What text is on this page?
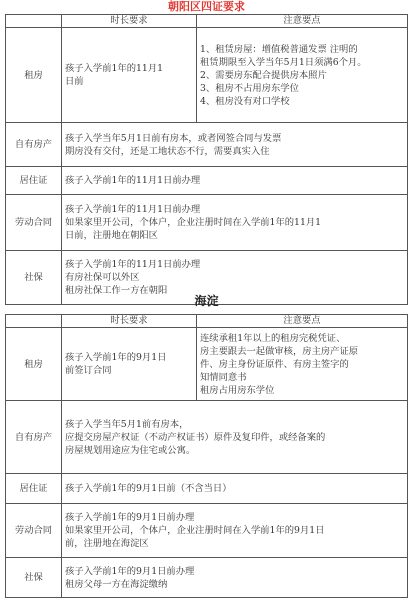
朝阳区四证要求
	时长要求	注意要点
租房	孩子入学前1年的11月1
日前	1、租赁房屋：增值税普通发票 注明的
租赁期限至入学当年5月1日须满6个月。
2、需要房东配合提供房本照片
3、租房不占用房东学位
4、租房没有对口学校

自有房产	孩子入学当年5月1日前有房本，或者网签合同与发票
期房没有交付，还是工地状态不行，需要真实入住	

居住证	孩子入学前1年的11月1日前办理	

劳动合同	孩子入学前1年的11月1日前办理
如果家里开公司，个体户，企业注册时间在入学前1年的11月1
日前，注册地在朝阳区	

社保	孩子入学前1年的11月1日前办理
有房社保可以外区
租房社保工作一方在朝阳	
海淀
	时长要求	注意要点
租房	孩子入学前1年的9月1日
前签订合同	连续承租1年以上的租房完税凭证、
房主要跟去一起做审核，房主房产证原
件、房主身份证原件、有房主签字的
知情同意书
租房占用房东学位

自有房产	孩子入学当年5月1前有房本，
应提交房屋产权证（不动产权证书）原件及复印件，或经备案的
房屋规划用途应为住宅或公寓。	

居住证	孩子入学前1年的9月1日前（不含当日）	

劳动合同	孩子入学前1年的9月1日前办理
如果家里开公司，个体户，企业注册时间在入学前1年的9月1日
前，注册地在海淀区	

社保	孩子入学前1年的9月1日前办理
租房父母一方在海淀缴纳	
